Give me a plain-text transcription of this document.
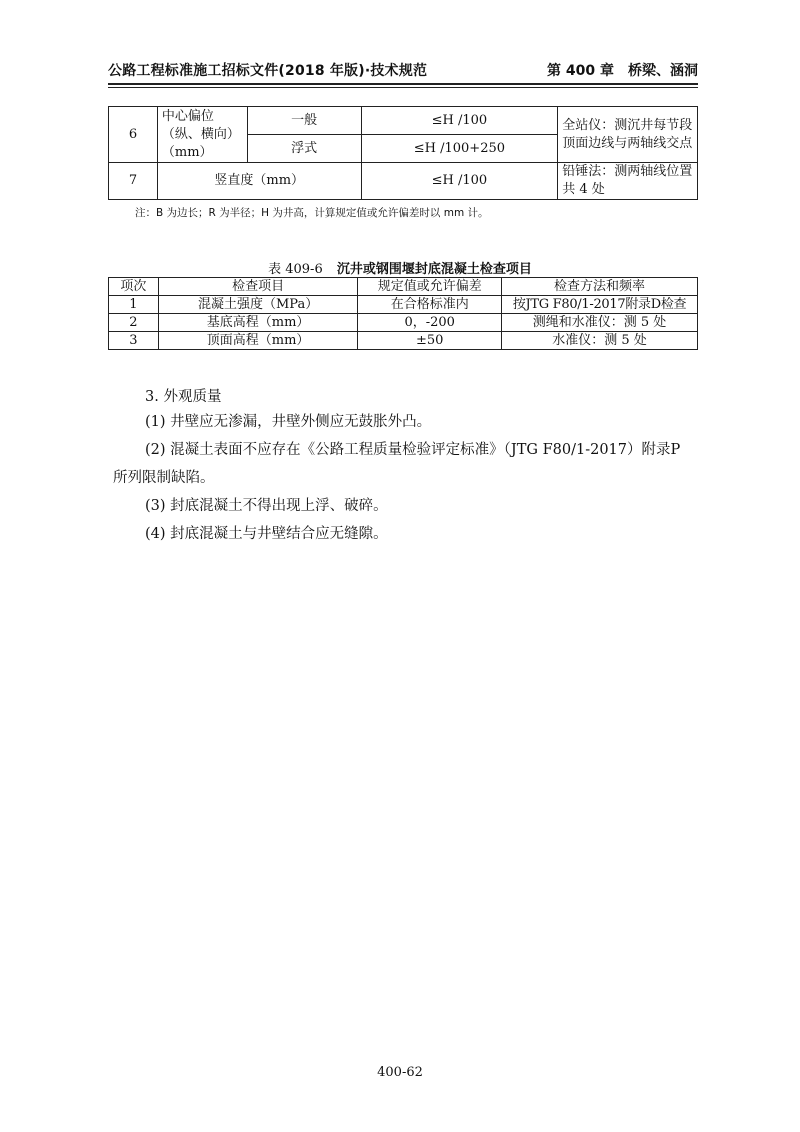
公路工程标准施工招标文件(2018 年版)·技术规范	第 400 章　桥梁、涵洞
6	中心偏位（纵、横向）（mm）	一般	≤H /100	全站仪：测沉井每节段顶面边线与两轴线交点
		浮式	≤H /100+250	
7	竖直度（mm）		≤H /100	铅锤法：测两轴线位置共 4 处
注：B 为边长；R 为半径；H 为井高，计算规定值或允许偏差时以 mm 计。
表 409-6 沉井或钢围堰封底混凝土检查项目
项次	检查项目	规定值或允许偏差	检查方法和频率
1	混凝土强度（MPa）	在合格标准内	按JTG F80/1-2017附录D检查
2	基底高程（mm）	0，-200	测绳和水准仪：测 5 处
3	顶面高程（mm）	±50	水准仪：测 5 处
3. 外观质量
(1) 井壁应无渗漏，井壁外侧应无鼓胀外凸。
(2) 混凝土表面不应存在《公路工程质量检验评定标准》（JTG F80/1-2017）附录P所列限制缺陷。
(3) 封底混凝土不得出现上浮、破碎。
(4) 封底混凝土与井壁结合应无缝隙。
400-62
